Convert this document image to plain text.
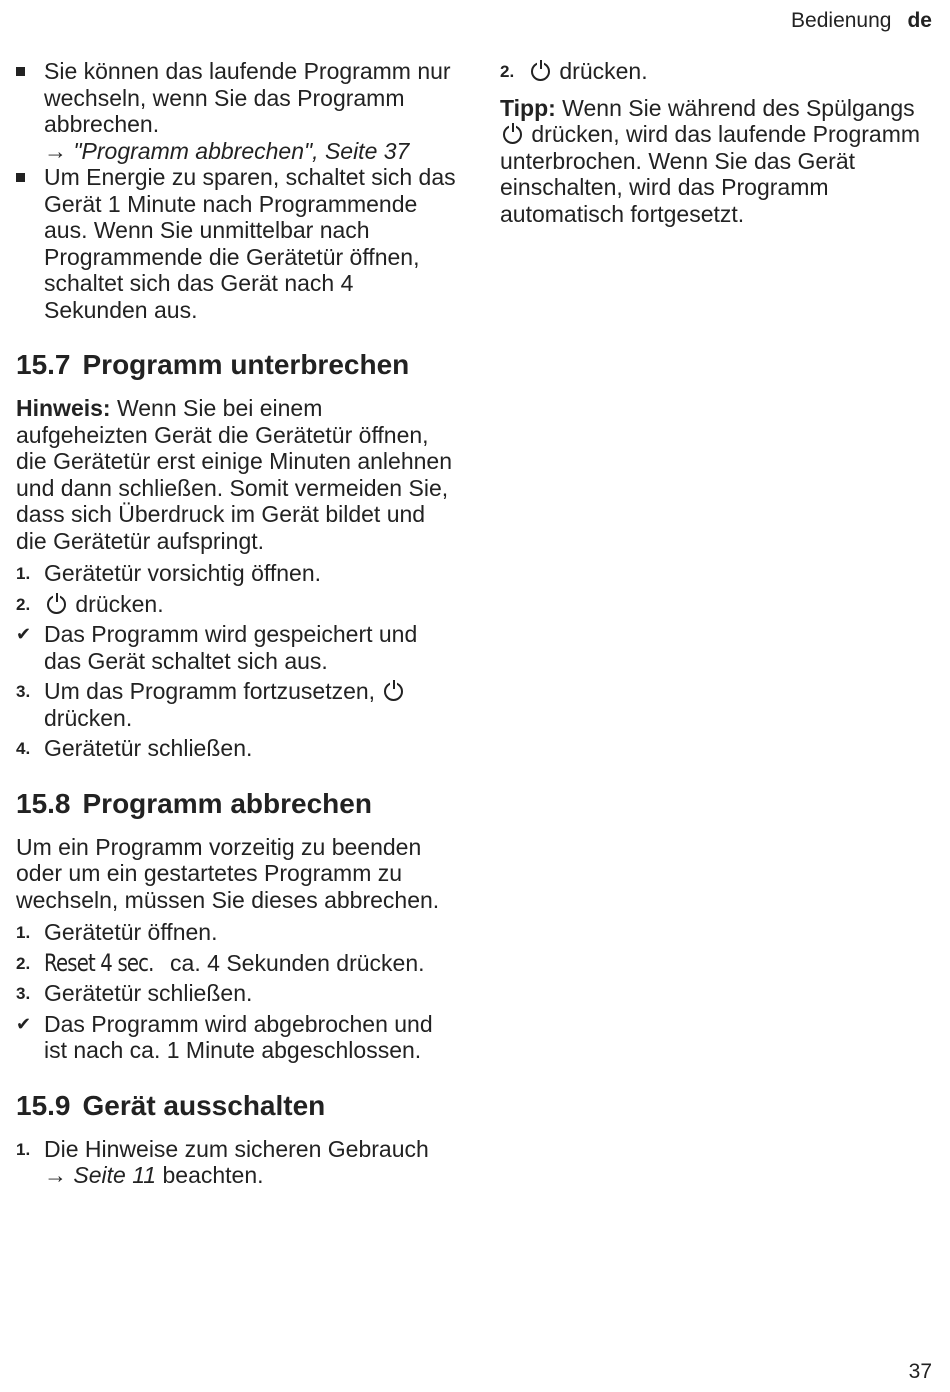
Bedienung de
Sie können das laufende Programm nur wechseln, wenn Sie das Programm abbrechen.
→ "Programm abbrechen", Seite 37
Um Energie zu sparen, schaltet sich das Gerät 1 Minute nach Programmende aus. Wenn Sie unmittelbar nach Programmende die Gerätetür öffnen, schaltet sich das Gerät nach 4 Sekunden aus.
15.7 Programm unterbrechen

Hinweis: Wenn Sie bei einem aufgeheizten Gerät die Gerätetür öffnen, die Gerätetür erst einige Minuten anlehnen und dann schließen. Somit vermeiden Sie, dass sich Überdruck im Gerät bildet und die Gerätetür aufspringt.

1. Gerätetür vorsichtig öffnen.
2. drücken.
✔ Das Programm wird gespeichert und das Gerät schaltet sich aus.
3. Um das Programm fortzusetzen,  drücken.
4. Gerätetür schließen.
15.8 Programm abbrechen

Um ein Programm vorzeitig zu beenden oder um ein gestartetes Programm zu wechseln, müssen Sie dieses abbrechen.

1. Gerätetür öffnen.
2. Reset 4 sec. ca. 4 Sekunden drücken.
3. Gerätetür schließen.
✔ Das Programm wird abgebrochen und ist nach ca. 1 Minute abgeschlossen.
15.9 Gerät ausschalten
1. Die Hinweise zum sicheren Gebrauch → Seite 11 beachten.
2. drücken.

Tipp: Wenn Sie während des Spülgangs  drücken, wird das laufende Programm unterbrochen. Wenn Sie das Gerät einschalten, wird das Programm automatisch fortgesetzt.

37
